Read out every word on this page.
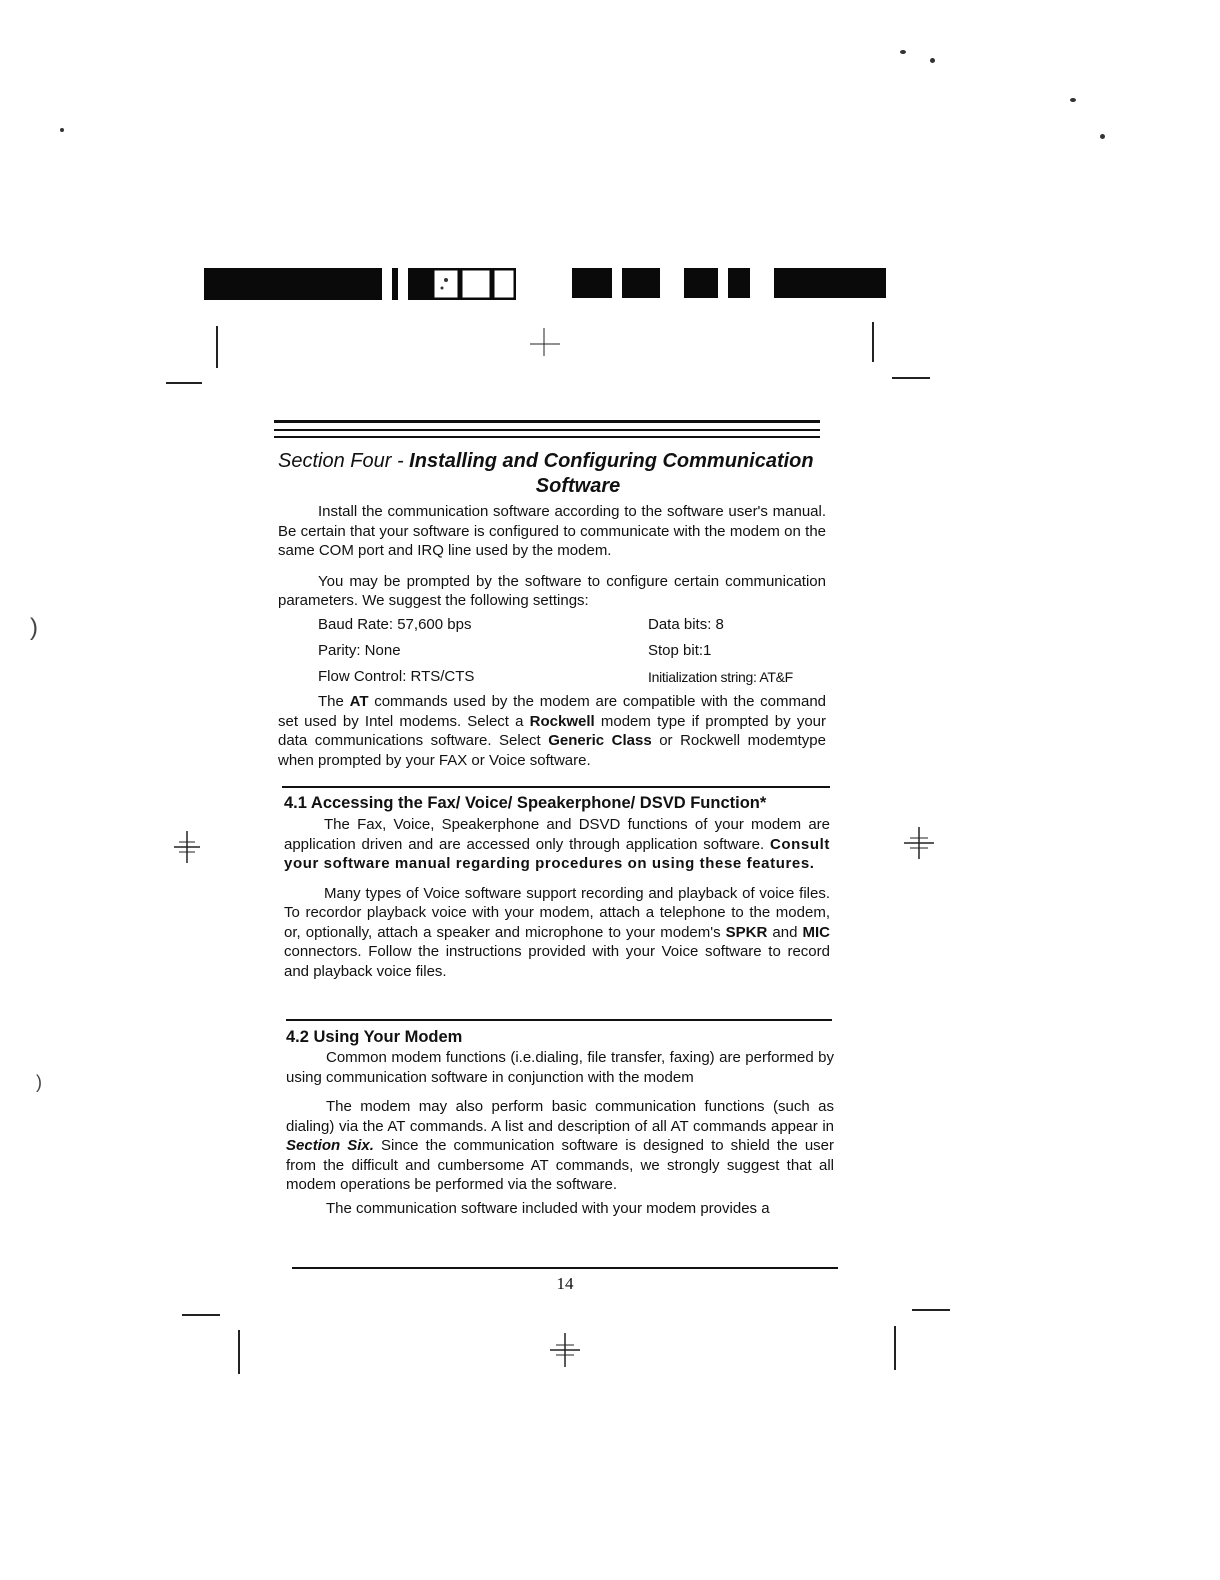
)
)
Section Four - Installing and Configuring Communication
Software

Install the communication software according to the software user's manual. Be certain that your software is configured to communicate with the modem on the same COM port and IRQ line used by the modem.

You may be prompted by the software to configure certain communication parameters. We suggest the following settings:

Baud Rate: 57,600 bps	Data bits: 8
Parity: None	Stop bit:1
Flow Control: RTS/CTS	Initialization string: AT&F

The AT commands used by the modem are compatible with the command set used by Intel modems. Select a Rockwell modem type if prompted by your data communications software. Select Generic Class or Rockwell modemtype when prompted by your FAX or Voice software.

4.1 Accessing the Fax/ Voice/ Speakerphone/ DSVD Function*

The Fax, Voice, Speakerphone and DSVD functions of your modem are application driven and are accessed only through application software. Consult your software manual regarding procedures on using these features.

Many types of Voice software support recording and playback of voice files. To recordor playback voice with your modem, attach a telephone to the modem, or, optionally, attach a speaker and microphone to your modem's SPKR and MIC connectors. Follow the instructions provided with your Voice software to record and playback voice files.

4.2 Using Your Modem

Common modem functions (i.e.dialing, file transfer, faxing) are performed by using communication software in conjunction with the modem

The modem may also perform basic communication functions (such as dialing) via the AT commands. A list and description of all AT commands appear in Section Six. Since the communication software is designed to shield the user from the difficult and cumbersome AT commands, we strongly suggest that all modem operations be performed via the software.

The communication software included with your modem provides a

14
